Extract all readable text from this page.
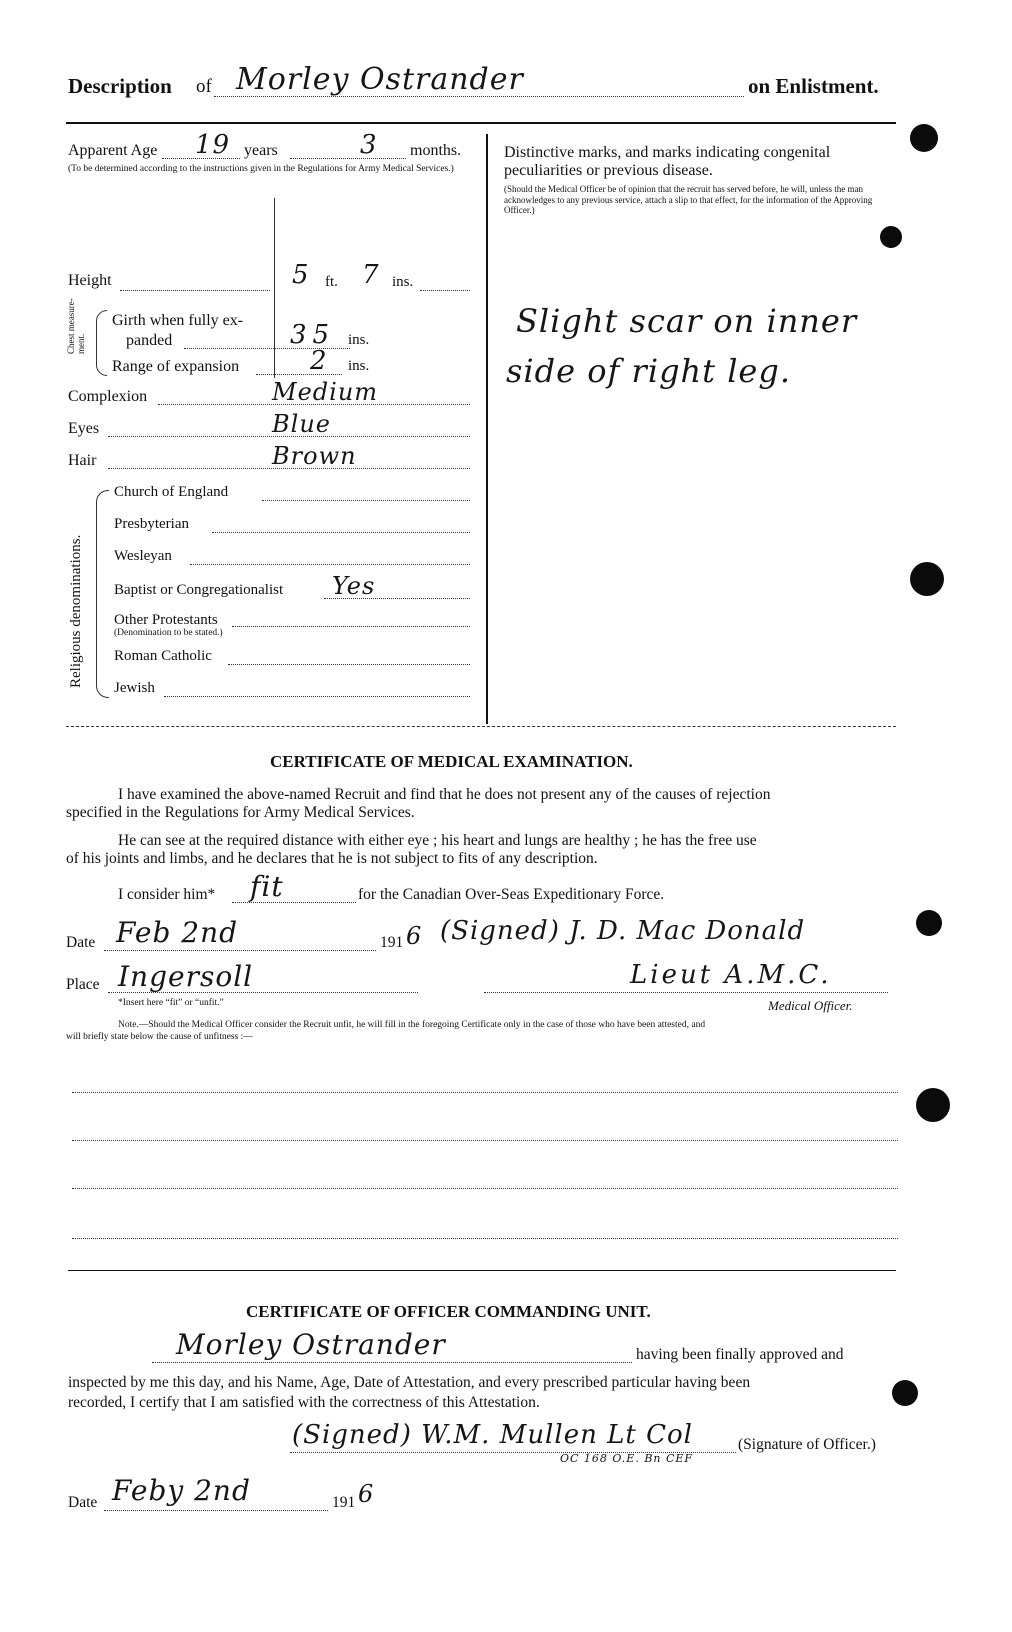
Description of Morley Ostrander	on Enlistment.
Apparent Age 19 years	3 months.
(To be determined according to the instructions given in the Regulations for Army Medical Services.)
Height	5 ft. 7 ins.
Chest measure-ment.
Girth when fully ex-
panded	35 ins.
Range of expansion	2 ins.
Complexion	Medium
Eyes	Blue
Hair	Brown
Religious denominations.
Church of England
Presbyterian
Wesleyan
Baptist or Congregationalist Yes
Other Protestants
(Denomination to be stated.)
Roman Catholic
Jewish
Distinctive marks, and marks indicating congenital
peculiarities or previous disease.
(Should the Medical Officer be of opinion that the recruit has served before, he will, unless the man acknowledges to any previous service, attach a slip to that effect, for the information of the Approving Officer.)
Slight scar on inner
side of right leg.
CERTIFICATE OF MEDICAL EXAMINATION.
I have examined the above-named Recruit and find that he does not present any of the causes of rejection
specified in the Regulations for Army Medical Services.
He can see at the required distance with either eye ; his heart and lungs are healthy ; he has the free use
of his joints and limbs, and he declares that he is not subject to fits of any description.
I consider him* fit	for the Canadian Over-Seas Expeditionary Force.
Date Feb 2nd	191 6 (Signed) J. D. Mac Donald
Place Ingersoll	Lieut A.M.C.
*Insert here “fit” or “unfit.”	Medical Officer.
Note.—Should the Medical Officer consider the Recruit unfit, he will fill in the foregoing Certificate only in the case of those who have been attested, and
will briefly state below the cause of unfitness :—
CERTIFICATE OF OFFICER COMMANDING UNIT.
Morley Ostrander	having been finally approved and
inspected by me this day, and his Name, Age, Date of Attestation, and every prescribed particular having been
recorded, I certify that I am satisfied with the correctness of this Attestation.
(Signed) W.M. Mullen Lt Col
OC 168 O.E. Bn CEF
(Signature of Officer.)
Date Feby 2nd	191 6
